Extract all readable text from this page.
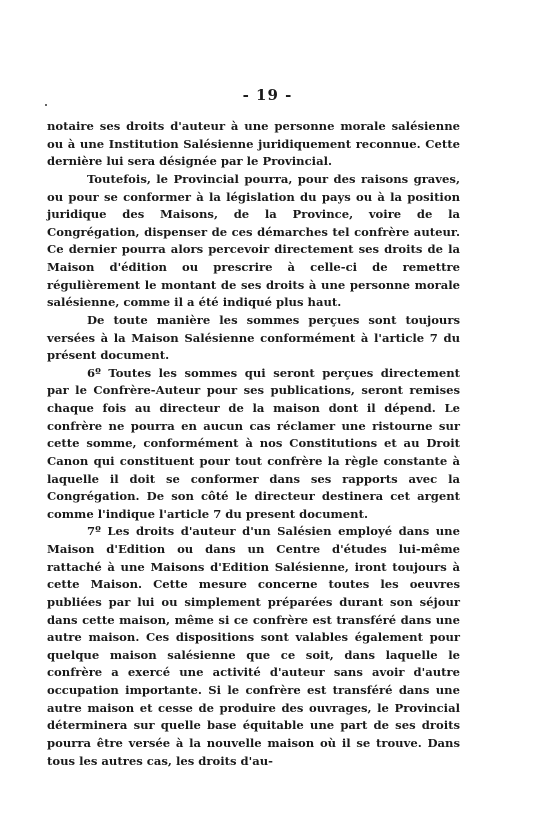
- 19 -

notaire ses droits d'auteur à une personne morale salésienne ou à une Institution Salésienne juridiquement reconnue. Cette dernière lui sera désignée par le Provincial.

Toutefois, le Provincial pourra, pour des raisons graves, ou pour se conformer à la législation du pays ou à la position juridique des Maisons, de la Province, voire de la Congrégation, dispenser de ces démarches tel confrère auteur. Ce dernier pourra alors percevoir directement ses droits de la Maison d'édition ou prescrire à celle-ci de remettre régulièrement le montant de ses droits à une personne morale salésienne, comme il a été indiqué plus haut.

De toute manière les sommes perçues sont toujours versées à la Maison Salésienne conformément à l'article 7 du présent document.

6º Toutes les sommes qui seront perçues directement par le Confrère-Auteur pour ses publications, seront remises chaque fois au directeur de la maison dont il dépend. Le confrère ne pourra en aucun cas réclamer une ristourne sur cette somme, conformément à nos Constitutions et au Droit Canon qui constituent pour tout confrère la règle constante à laquelle il doit se conformer dans ses rapports avec la Congrégation. De son côté le directeur destinera cet argent comme l'indique l'article 7 du present document.

7º Les droits d'auteur d'un Salésien employé dans une Maison d'Edition ou dans un Centre d'études lui-même rattaché à une Maisons d'Edition Salésienne, iront toujours à cette Maison. Cette mesure concerne toutes les oeuvres publiées par lui ou simplement préparées durant son séjour dans cette maison, même si ce confrère est transféré dans une autre maison. Ces dispositions sont valables également pour quelque maison salésienne que ce soit, dans laquelle le confrère a exercé une activité d'auteur sans avoir d'autre occupation importante. Si le confrère est transféré dans une autre maison et cesse de produire des ouvrages, le Provincial déterminera sur quelle base équitable une part de ses droits pourra être versée à la nouvelle maison où il se trouve. Dans tous les autres cas, les droits d'au-
